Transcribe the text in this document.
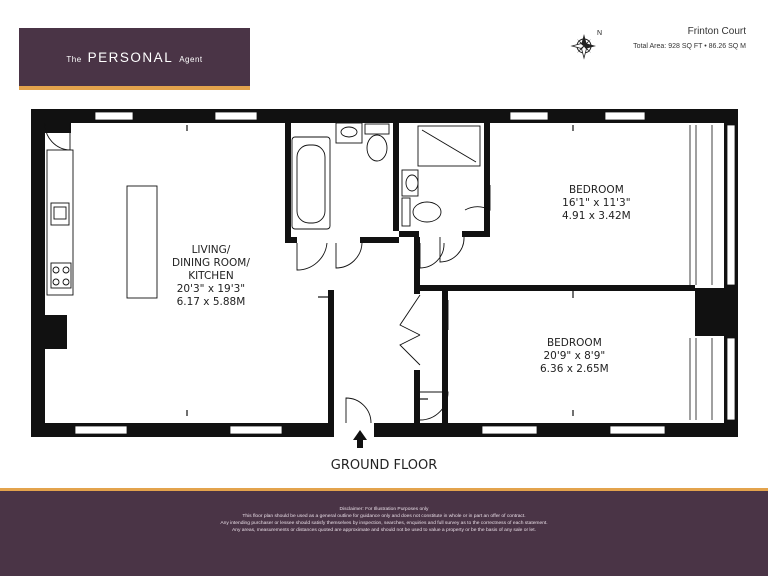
The PERSONAL Agent
N	Frinton Court
Total Area: 928 SQ FT • 86.26 SQ M
LIVING/
DINING ROOM/
KITCHEN
20'3" x 19'3"
6.17 x 5.88M
BEDROOM
16'1" x 11'3"
4.91 x 3.42M
BEDROOM
20'9" x 8'9"
6.36 x 2.65M
GROUND FLOOR
Disclaimer: For Illustration Purposes only
This floor plan should be used as a general outline for guidance only and does not constitute in whole or in part an offer of contract.
Any intending purchaser or lessee should satisfy themselves by inspection, searches, enquiries and full survey as to the correctness of each statement.
Any areas, measurements or distances quoted are approximate and should not be used to value a property or be the basis of any sale or let.
